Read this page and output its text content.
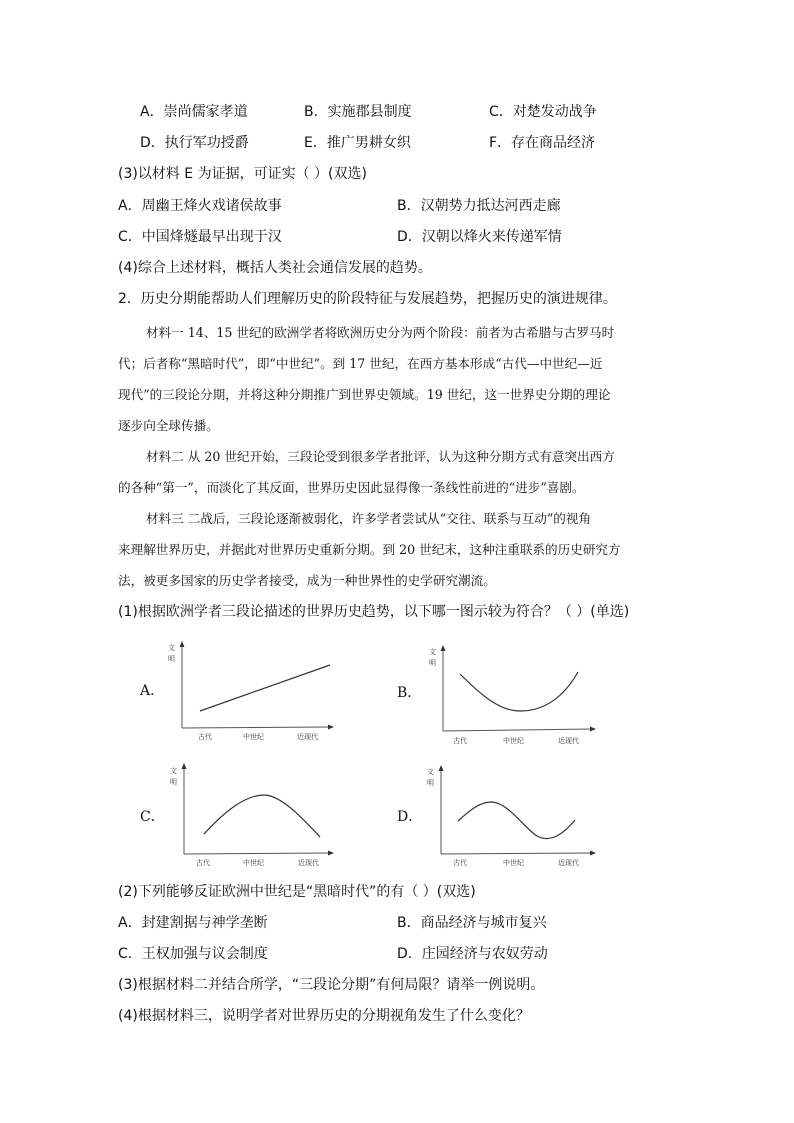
A．崇尚儒家孝道	B．实施郡县制度	C．对楚发动战争
D．执行军功授爵	E．推广男耕女织	F．存在商品经济
(3)以材料 E 为证据，可证实（ ）(双选)
A．周幽王烽火戏诸侯故事	B．汉朝势力抵达河西走廊
C．中国烽燧最早出现于汉	D．汉朝以烽火来传递军情
(4)综合上述材料，概括人类社会通信发展的趋势。
2．历史分期能帮助人们理解历史的阶段特征与发展趋势，把握历史的演进规律。
材料一 14、15 世纪的欧洲学者将欧洲历史分为两个阶段：前者为古希腊与古罗马时
代；后者称“黑暗时代”，即“中世纪”。到 17 世纪，在西方基本形成“古代—中世纪—近
现代”的三段论分期，并将这种分期推广到世界史领域。19 世纪，这一世界史分期的理论
逐步向全球传播。
材料二 从 20 世纪开始，三段论受到很多学者批评，认为这种分期方式有意突出西方
的各种“第一”，而淡化了其反面，世界历史因此显得像一条线性前进的“进步”喜剧。
材料三 二战后，三段论逐渐被弱化，许多学者尝试从“交往、联系与互动”的视角
来理解世界历史，并据此对世界历史重新分期。到 20 世纪末，这种注重联系的历史研究方
法，被更多国家的历史学者接受，成为一种世界性的史学研究潮流。
(1)根据欧洲学者三段论描述的世界历史趋势，以下哪一图示较为符合？（ ）(单选)
A．
文
明
古代	中世纪	近现代
B．
文
明
古代	中世纪	近现代
C．
文
明
古代	中世纪	近现代
D．
文
明
古代	中世纪	近现代
(2)下列能够反证欧洲中世纪是“黑暗时代”的有（ ）(双选)
A．封建割据与神学垄断	B．商品经济与城市复兴
C．王权加强与议会制度	D．庄园经济与农奴劳动
(3)根据材料二并结合所学，“三段论分期”有何局限？请举一例说明。
(4)根据材料三，说明学者对世界历史的分期视角发生了什么变化？
